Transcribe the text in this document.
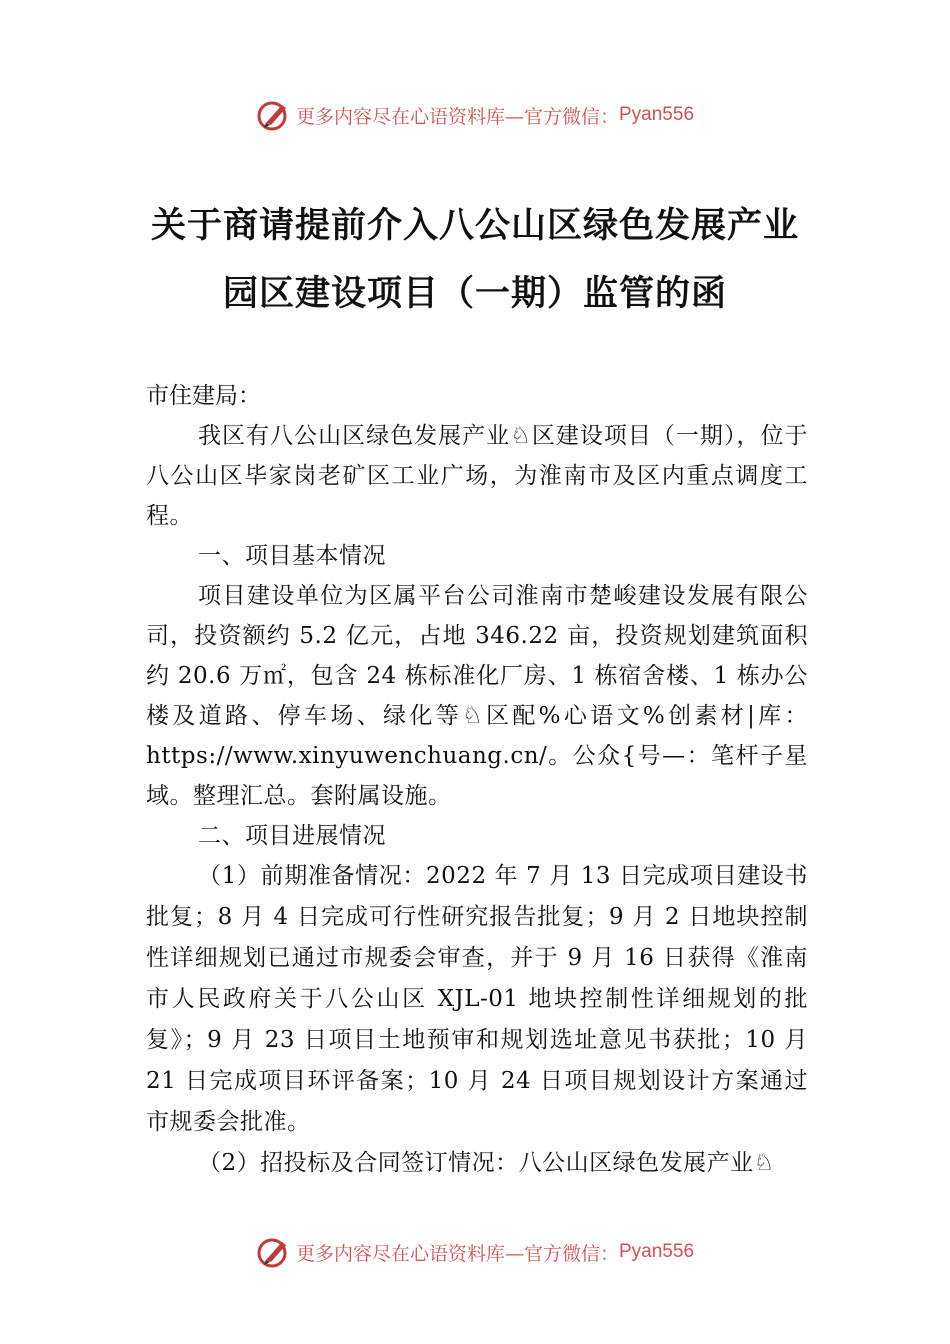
更多内容尽在心语资料库—官方微信： Pyan556
关于商请提前介入八公山区绿色发展产业
园区建设项目（一期）监管的函

市住建局：

我区有八公山区绿色发展产业♘区建设项目（一期），位于八公山区毕家岗老矿区工业广场，为淮南市及区内重点调度工程。

一、项目基本情况

项目建设单位为区属平台公司淮南市楚峻建设发展有限公司，投资额约 5.2 亿元，占地 346.22 亩，投资规划建筑面积约 20.6 万㎡，包含 24 栋标准化厂房、1 栋宿舍楼、1 栋办公楼及道路、停车场、绿化等♘区配%心语文%创素材|库：https://www.xinyuwenchuang.cn/。公众{号—：笔杆子星域。整理汇总。套附属设施。

二、项目进展情况

（1）前期准备情况：2022 年 7 月 13 日完成项目建设书批复；8 月 4 日完成可行性研究报告批复；9 月 2 日地块控制性详细规划已通过市规委会审查，并于 9 月 16 日获得《淮南市人民政府关于八公山区 XJL-01 地块控制性详细规划的批复》；9 月 23 日项目土地预审和规划选址意见书获批；10 月 21 日完成项目环评备案；10 月 24 日项目规划设计方案通过市规委会批准。

（2）招投标及合同签订情况：八公山区绿色发展产业♘

更多内容尽在心语资料库—官方微信： Pyan556
